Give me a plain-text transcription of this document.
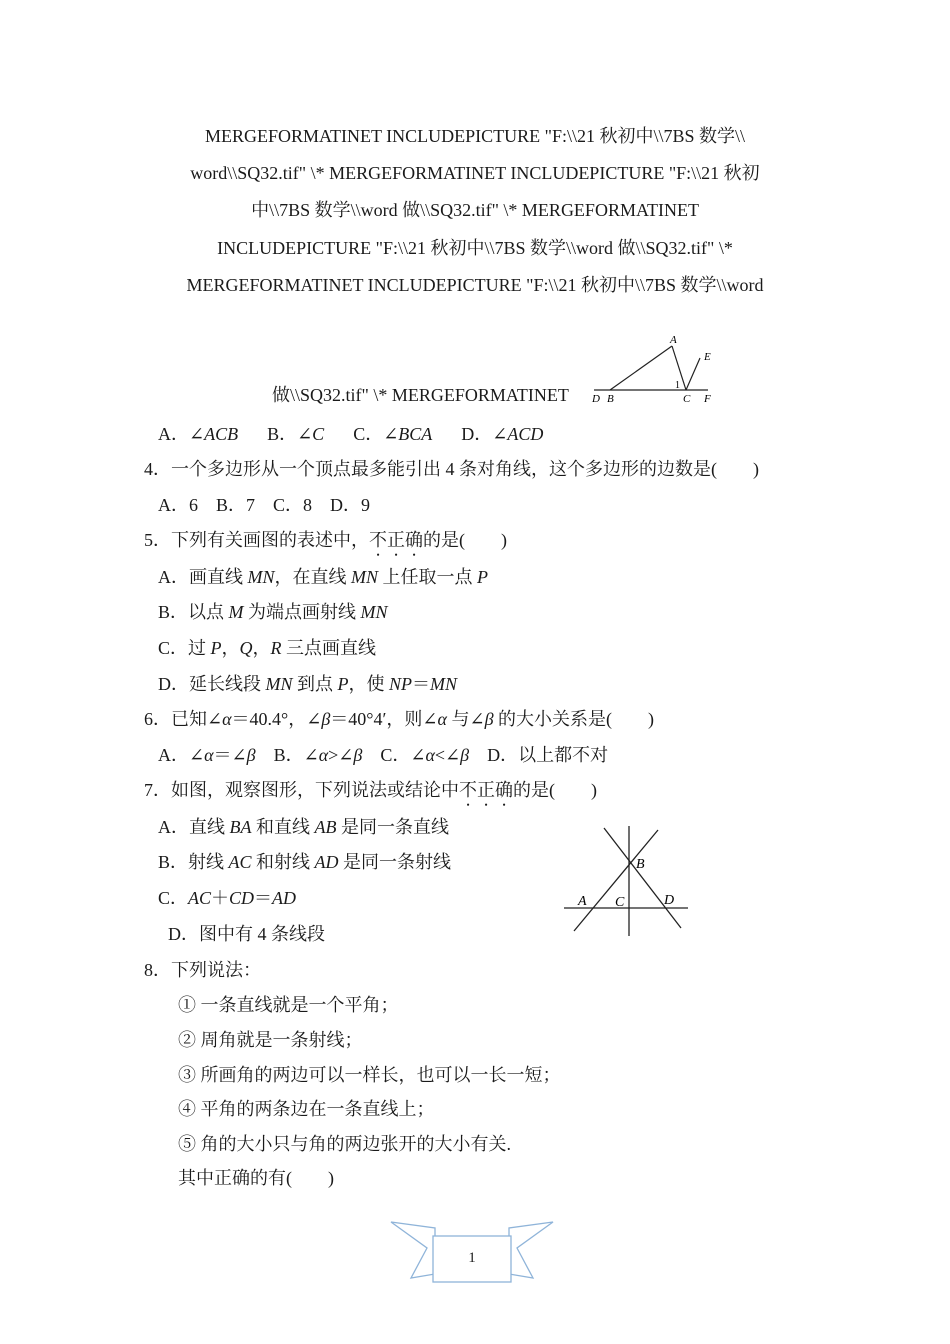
MERGEFORMATINET INCLUDEPICTURE "F:\\21 秋初中\\7BS 数学\\
word\\SQ32.tif" \* MERGEFORMATINET INCLUDEPICTURE "F:\\21 秋初
中\\7BS 数学\\word 做\\SQ32.tif" \* MERGEFORMATINET
INCLUDEPICTURE "F:\\21 秋初中\\7BS 数学\\word 做\\SQ32.tif" \*
MERGEFORMATINET INCLUDEPICTURE "F:\\21 秋初中\\7BS 数学\\word
做\\SQ32.tif" \* MERGEFORMATINET
A
E
1
D B	C F
A．∠ACB B．∠C C．∠BCA D．∠ACD
4．一个多边形从一个顶点最多能引出 4 条对角线，这个多边形的边数是(　　)
A．6　B．7　C．8　D．9
5．下列有关画图的表述中，不正确的是(　　)
A．画直线 MN，在直线 MN 上任取一点 P
B．以点 M 为端点画射线 MN
C．过 P，Q，R 三点画直线
D．延长线段 MN 到点 P，使 NP＝MN
6．已知∠α＝40.4°，∠β＝40°4′，则∠α 与∠β 的大小关系是(　　)
A．∠α＝∠β　B．∠α>∠β　C．∠α<∠β　D．以上都不对
7．如图，观察图形，下列说法或结论中不正确的是(　　)
A．直线 BA 和直线 AB 是同一条直线
B．射线 AC 和射线 AD 是同一条射线
C．AC＋CD＝AD
D．图中有 4 条线段
B
A C	D
8．下列说法：
① 一条直线就是一个平角；
② 周角就是一条射线；
③ 所画角的两边可以一样长，也可以一长一短；
④ 平角的两条边在一条直线上；
⑤ 角的大小只与角的两边张开的大小有关.
其中正确的有(　　)
1
